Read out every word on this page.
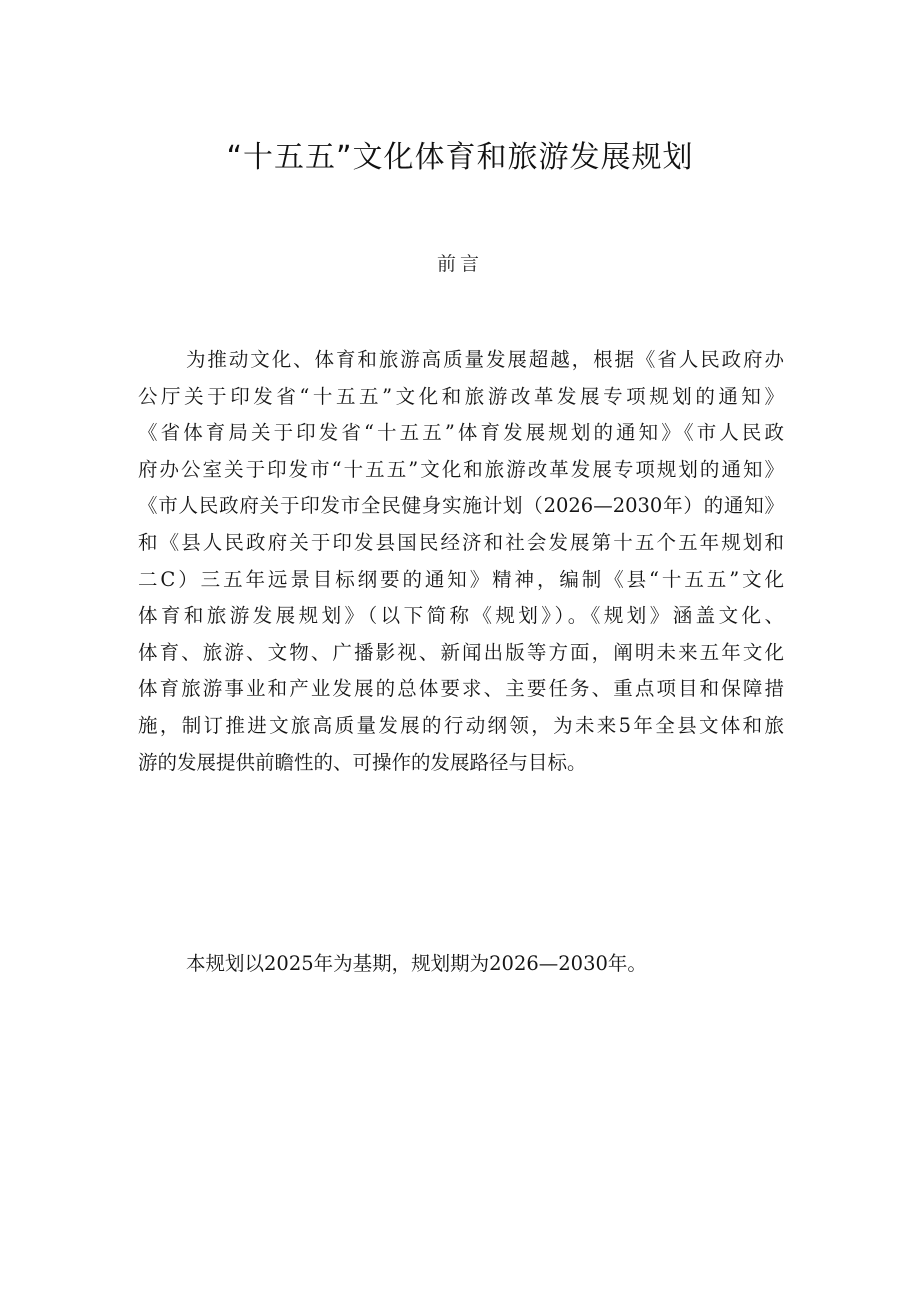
“十五五”文化体育和旅游发展规划
前言
为推动文化、体育和旅游高质量发展超越，根据《省人民政府办
公厅关于印发省“十五五”文化和旅游改革发展专项规划的通知》
《省体育局关于印发省“十五五”体育发展规划的通知》《市人民政
府办公室关于印发市“十五五”文化和旅游改革发展专项规划的通知》
《市人民政府关于印发市全民健身实施计划（2026—2030年）的通知》
和《县人民政府关于印发县国民经济和社会发展第十五个五年规划和
二C）三五年远景目标纲要的通知》精神，编制《县“十五五”文化
体育和旅游发展规划》（以下简称《规划》）。《规划》涵盖文化、
体育、旅游、文物、广播影视、新闻出版等方面，阐明未来五年文化
体育旅游事业和产业发展的总体要求、主要任务、重点项目和保障措
施，制订推进文旅高质量发展的行动纲领，为未来5年全县文体和旅
游的发展提供前瞻性的、可操作的发展路径与目标。

本规划以2025年为基期，规划期为2026—2030年。
